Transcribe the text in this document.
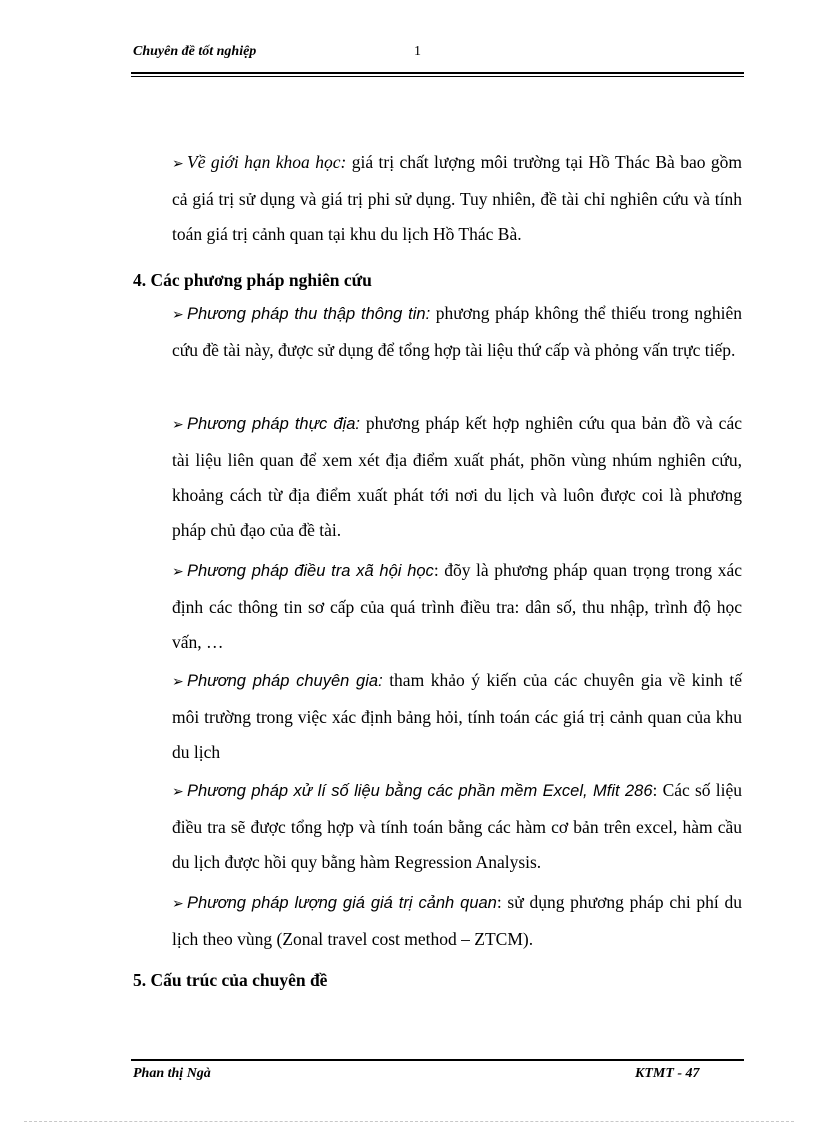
Chuyên đề tốt nghiệp	1
➢ Về giới hạn khoa học: giá trị chất lượng môi trường tại Hồ Thác Bà bao gồm cả giá trị sử dụng và giá trị phi sử dụng. Tuy nhiên, đề tài chỉ nghiên cứu và tính toán giá trị cảnh quan tại khu du lịch Hồ Thác Bà.
4. Các phương pháp nghiên cứu
➢ Phương pháp thu thập thông tin: phương pháp không thể thiếu trong nghiên cứu đề tài này, được sử dụng để tổng hợp tài liệu thứ cấp và phỏng vấn trực tiếp.
➢ Phương pháp thực địa: phương pháp kết hợp nghiên cứu qua bản đồ và các tài liệu liên quan để xem xét địa điểm xuất phát, phõn vùng nhúm nghiên cứu, khoảng cách từ địa điểm xuất phát tới nơi du lịch và luôn được coi là phương pháp chủ đạo của đề tài.
➢ Phương pháp điều tra xã hội học: đõy là phương pháp quan trọng trong xác định các thông tin sơ cấp của quá trình điều tra: dân số, thu nhập, trình độ học vấn, …
➢ Phương pháp chuyên gia: tham khảo ý kiến của các chuyên gia về kinh tế môi trường trong việc xác định bảng hỏi, tính toán các giá trị cảnh quan của khu du lịch
➢ Phương pháp xử lí số liệu bằng các phần mềm Excel, Mfit 286: Các số liệu điều tra sẽ được tổng hợp và tính toán bằng các hàm cơ bản trên excel, hàm cầu du lịch được hồi quy bằng hàm Regression Analysis.
➢ Phương pháp lượng giá giá trị cảnh quan: sử dụng phương pháp chi phí du lịch theo vùng (Zonal travel cost method – ZTCM).
5. Cấu trúc của chuyên đề
Phan thị Ngà	KTMT - 47
